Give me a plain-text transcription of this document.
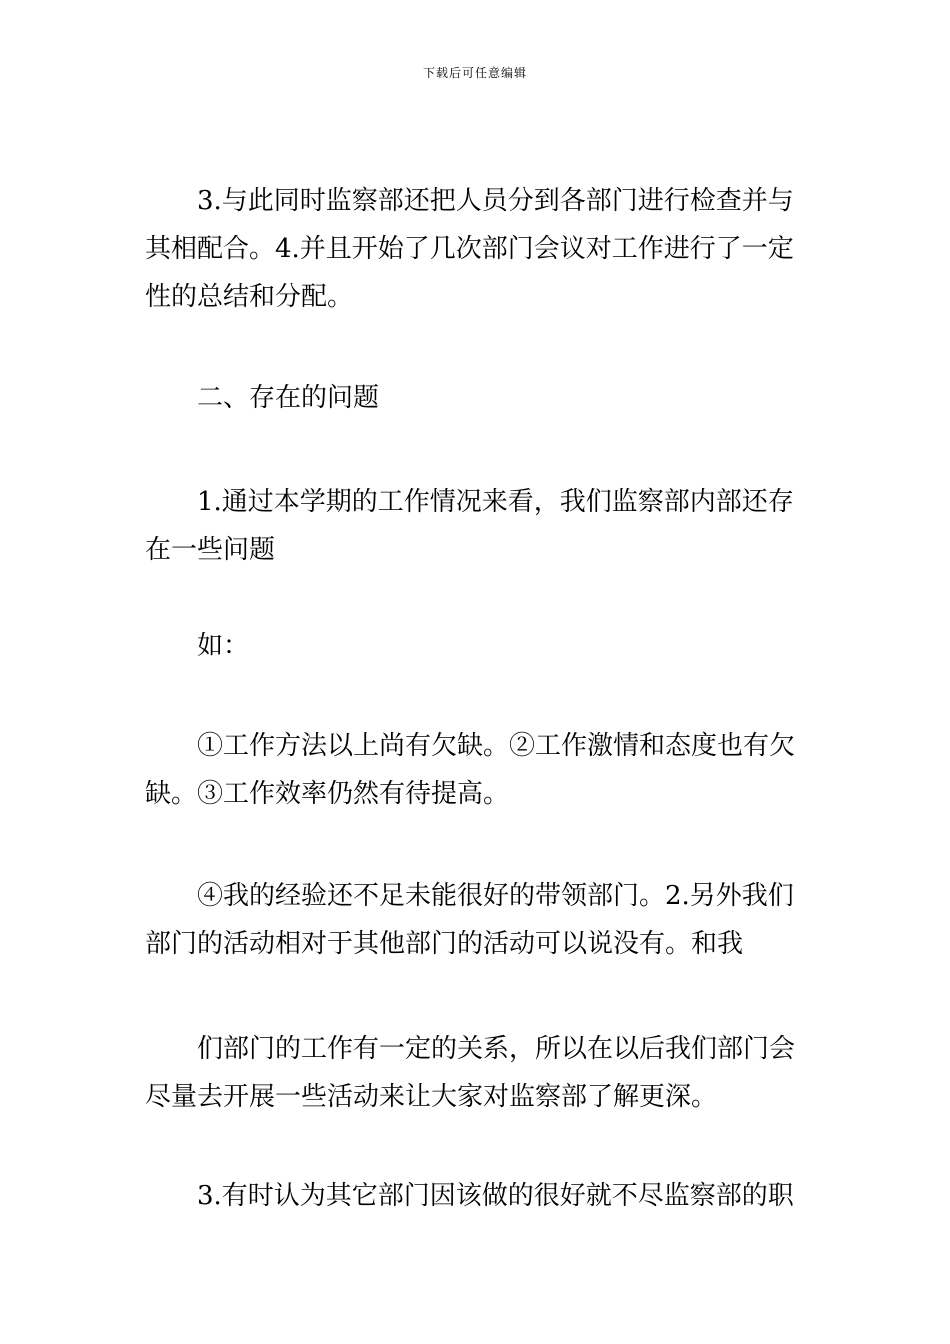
下载后可任意编辑

3.与此同时监察部还把人员分到各部门进行检查并与其相配合。4.并且开始了几次部门会议对工作进行了一定性的总结和分配。

二、存在的问题

1.通过本学期的工作情况来看，我们监察部内部还存在一些问题

如：

①工作方法以上尚有欠缺。②工作激情和态度也有欠缺。③工作效率仍然有待提高。

④我的经验还不足未能很好的带领部门。2.另外我们部门的活动相对于其他部门的活动可以说没有。和我

们部门的工作有一定的关系，所以在以后我们部门会尽量去开展一些活动来让大家对监察部了解更深。

3.有时认为其它部门因该做的很好就不尽监察部的职
